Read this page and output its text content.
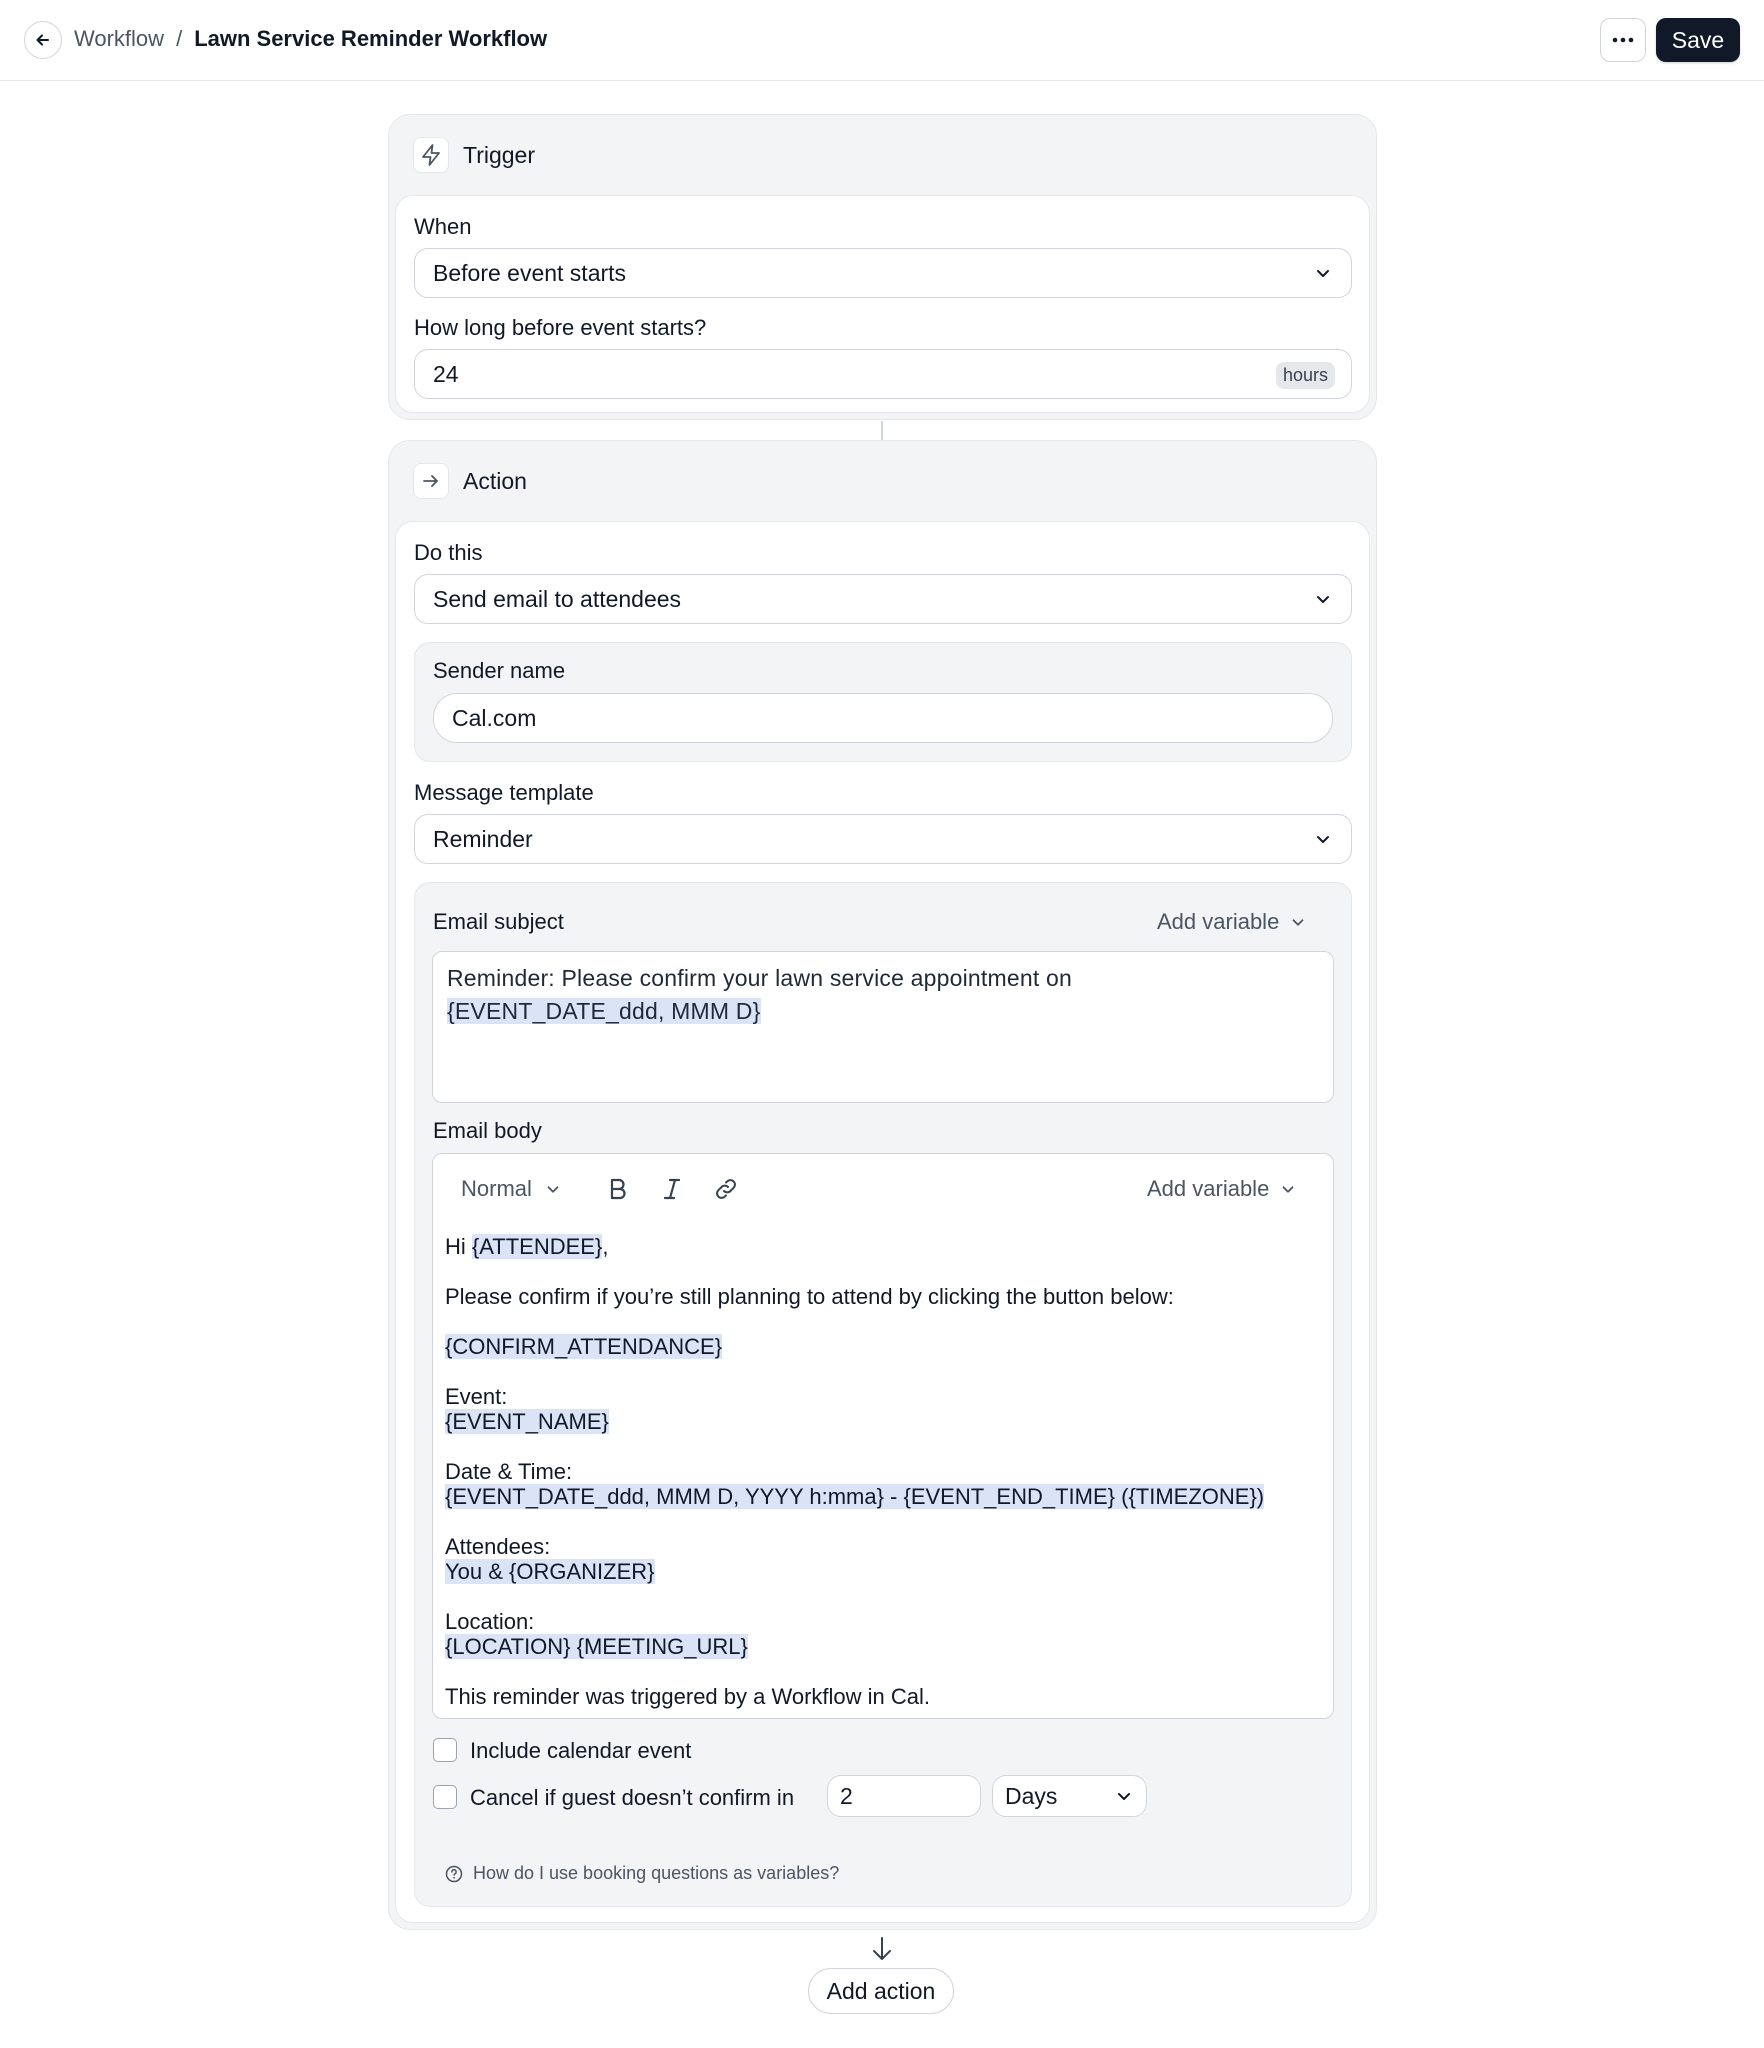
Workflow / Lawn Service Reminder Workflow	Save
Trigger
When
Before event starts
How long before event starts?
24	hours
Action
Do this
Send email to attendees
Sender name
Cal.com
Message template
Reminder
Email subject	Add variable
Reminder: Please confirm your lawn service appointment on
{EVENT_DATE_ddd, MMM D}
Email body
Normal	Add variable

Hi {ATTENDEE},

Please confirm if you’re still planning to attend by clicking the button below:

{CONFIRM_ATTENDANCE}

Event:
{EVENT_NAME}

Date & Time:
{EVENT_DATE_ddd, MMM D, YYYY h:mma} - {EVENT_END_TIME} ({TIMEZONE})

Attendees:
You & {ORGANIZER}

Location:
{LOCATION} {MEETING_URL}

This reminder was triggered by a Workflow in Cal.

Include calendar event
Cancel if guest doesn’t confirm in 2	Days
How do I use booking questions as variables?
Add action
